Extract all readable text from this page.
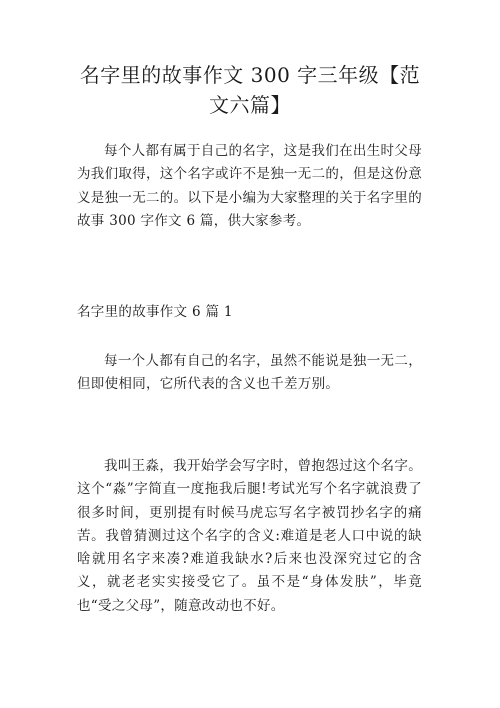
名字里的故事作文 300 字三年级【范文六篇】
每个人都有属于自己的名字，这是我们在出生时父母为我们取得，这个名字或许不是独一无二的，但是这份意义是独一无二的。以下是小编为大家整理的关于名字里的故事 300 字作文 6 篇，供大家参考。
名字里的故事作文 6 篇 1
每一个人都有自己的名字，虽然不能说是独一无二，但即使相同，它所代表的含义也千差万别。
我叫王淼，我开始学会写字时，曾抱怨过这个名字。这个“淼”字简直一度拖我后腿!考试光写个名字就浪费了很多时间，更别提有时候马虎忘写名字被罚抄名字的痛苦。我曾猜测过这个名字的含义:难道是老人口中说的缺啥就用名字来凑?难道我缺水?后来也没深究过它的含义，就老老实实接受它了。虽不是“身体发肤”，毕竟也“受之父母”，随意改动也不好。
